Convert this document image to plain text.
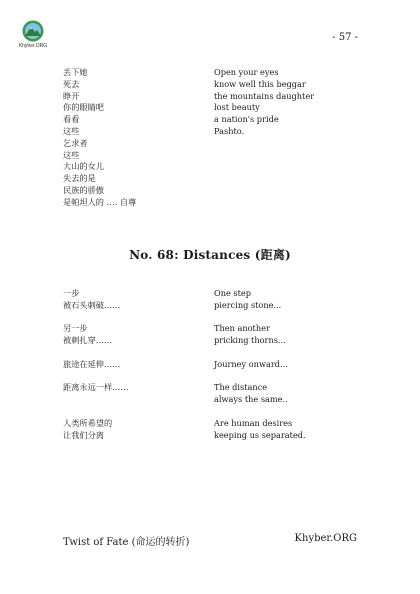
Khyber.ORG
- 57 -
丢下她
死去
睁开
你的眼睛吧
看看
这些
乞求者
这些
大山的女儿
失去的是
民族的骄傲
是帕坦人的 …. 自尊
Open your eyes
know well this beggar
the mountains daughter
lost beauty
a nation's pride
Pashto.
No. 68: Distances (距离)
一步
被石头刺破……
另一步
被刺扎穿……
旅途在延伸……
距离永远一样……
人类所希望的
让我们分离
One step
piercing stone...
Then another
pricking thorns...
Journey onward...
The distance
always the same..
Are human desires
keeping us separated.
Twist of Fate (命运的转折)	Khyber.ORG
